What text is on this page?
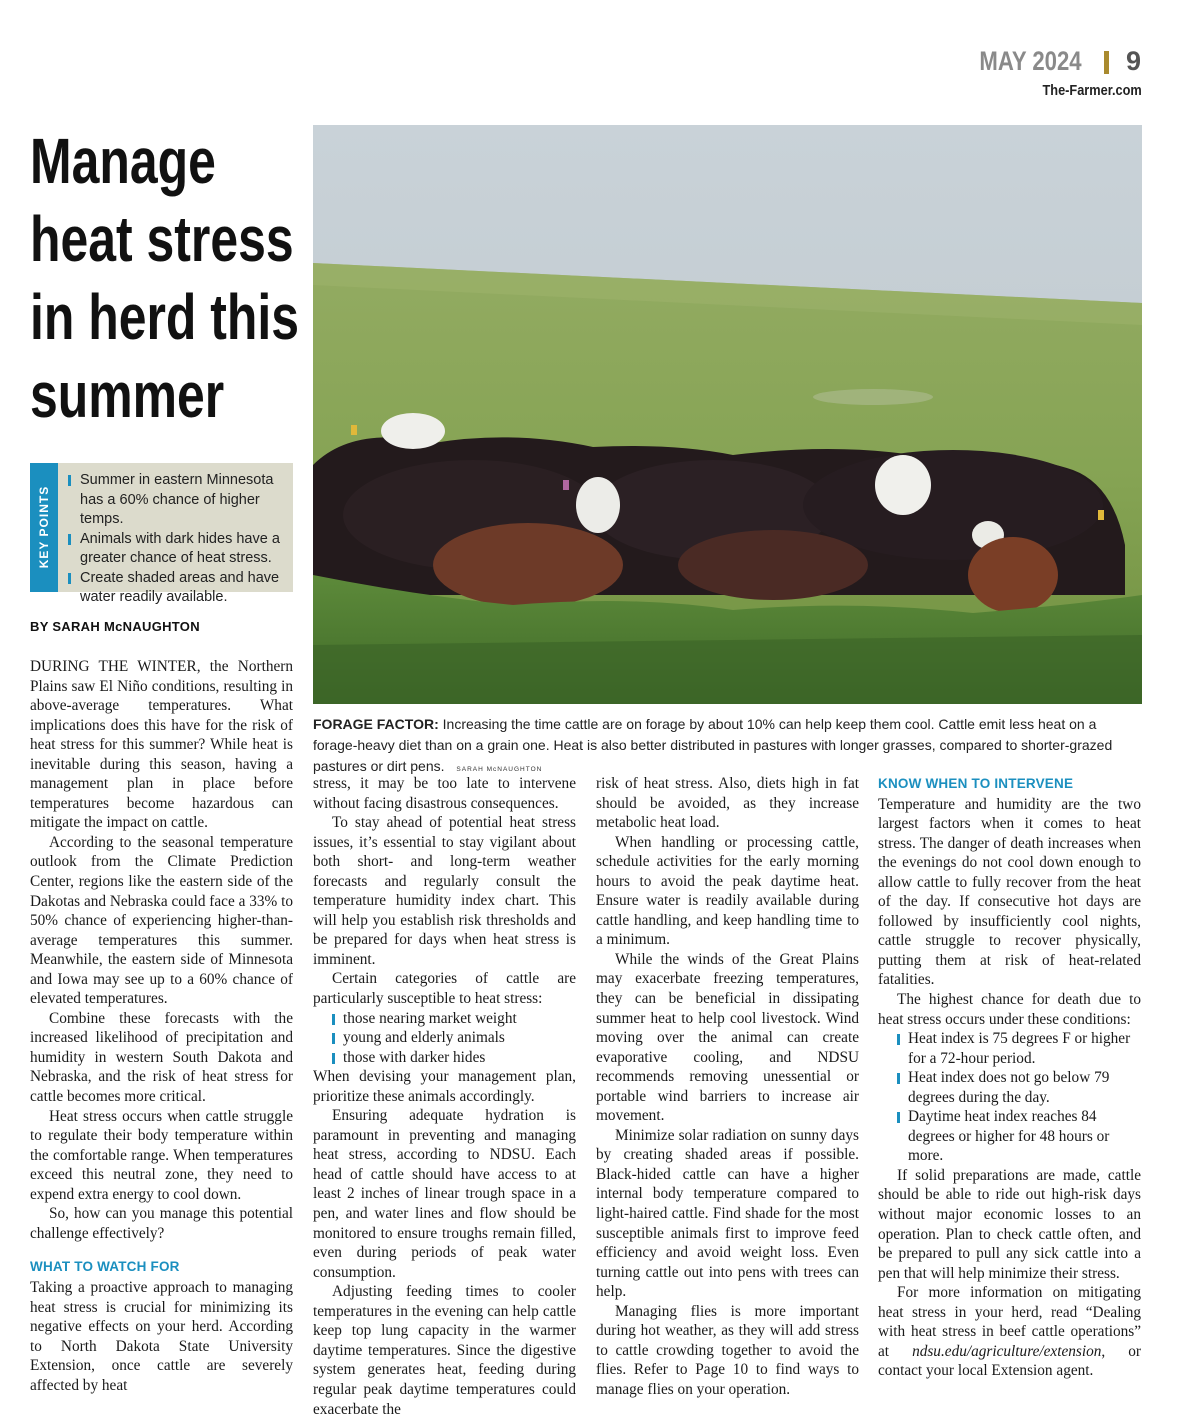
MAY 2024 9
The-Farmer.com
Manage
heat stress
in herd this
summer
KEY POINTS
Summer in eastern Minnesota has a 60% chance of higher temps.
Animals with dark hides have a greater chance of heat stress.
Create shaded areas and have water readily available.
BY SARAH McNAUGHTON
FORAGE FACTOR: Increasing the time cattle are on forage by about 10% can help keep them cool. Cattle emit less heat on a forage-heavy diet than on a grain one. Heat is also better distributed in pastures with longer grasses, compared to shorter-grazed pastures or dirt pens. SARAH McNAUGHTON

DURING THE WINTER, the Northern Plains saw El Niño conditions, resulting in above-average temperatures. What implications does this have for the risk of heat stress for this summer? While heat is inevitable during this season, having a management plan in place before temperatures become hazardous can mitigate the impact on cattle.

According to the seasonal temperature outlook from the Climate Prediction Center, regions like the eastern side of the Dakotas and Nebraska could face a 33% to 50% chance of experiencing higher-than-average temperatures this summer. Meanwhile, the eastern side of Minnesota and Iowa may see up to a 60% chance of elevated temperatures.

Combine these forecasts with the increased likelihood of precipitation and humidity in western South Dakota and Nebraska, and the risk of heat stress for cattle becomes more critical.

Heat stress occurs when cattle struggle to regulate their body temperature within the comfortable range. When temperatures exceed this neutral zone, they need to expend extra energy to cool down.

So, how can you manage this potential challenge effectively?

WHAT TO WATCH FOR

Taking a proactive approach to managing heat stress is crucial for minimizing its negative effects on your herd. According to North Dakota State University Extension, once cattle are severely affected by heat

stress, it may be too late to intervene without facing disastrous consequences.

To stay ahead of potential heat stress issues, it’s essential to stay vigilant about both short- and long-term weather forecasts and regularly consult the temperature humidity index chart. This will help you establish risk thresholds and be prepared for days when heat stress is imminent.

Certain categories of cattle are particularly susceptible to heat stress:

those nearing market weight
young and elderly animals
those with darker hides

When devising your management plan, prioritize these animals accordingly.

Ensuring adequate hydration is paramount in preventing and managing heat stress, according to NDSU. Each head of cattle should have access to at least 2 inches of linear trough space in a pen, and water lines and flow should be monitored to ensure troughs remain filled, even during periods of peak water consumption.

Adjusting feeding times to cooler temperatures in the evening can help cattle keep top lung capacity in the warmer daytime temperatures. Since the digestive system generates heat, feeding during regular peak daytime temperatures could exacerbate the

risk of heat stress. Also, diets high in fat should be avoided, as they increase metabolic heat load.

When handling or processing cattle, schedule activities for the early morning hours to avoid the peak daytime heat. Ensure water is readily available during cattle handling, and keep handling time to a minimum.

While the winds of the Great Plains may exacerbate freezing temperatures, they can be beneficial in dissipating summer heat to help cool livestock. Wind moving over the animal can create evaporative cooling, and NDSU recommends removing unessential or portable wind barriers to increase air movement.

Minimize solar radiation on sunny days by creating shaded areas if possible. Black-hided cattle can have a higher internal body temperature compared to light-haired cattle. Find shade for the most susceptible animals first to improve feed efficiency and avoid weight loss. Even turning cattle out into pens with trees can help.

Managing flies is more important during hot weather, as they will add stress to cattle crowding together to avoid the flies. Refer to Page 10 to find ways to manage flies on your operation.

KNOW WHEN TO INTERVENE

Temperature and humidity are the two largest factors when it comes to heat stress. The danger of death increases when the evenings do not cool down enough to allow cattle to fully recover from the heat of the day. If consecutive hot days are followed by insufficiently cool nights, cattle struggle to recover physically, putting them at risk of heat-related fatalities.

The highest chance for death due to heat stress occurs under these conditions:

Heat index is 75 degrees F or higher for a 72-hour period.
Heat index does not go below 79 degrees during the day.
Daytime heat index reaches 84 degrees or higher for 48 hours or more.

If solid preparations are made, cattle should be able to ride out high-risk days without major economic losses to an operation. Plan to check cattle often, and be prepared to pull any sick cattle into a pen that will help minimize their stress.

For more information on mitigating heat stress in your herd, read “Dealing with heat stress in beef cattle operations” at ndsu.edu/agriculture/extension, or contact your local Extension agent.
